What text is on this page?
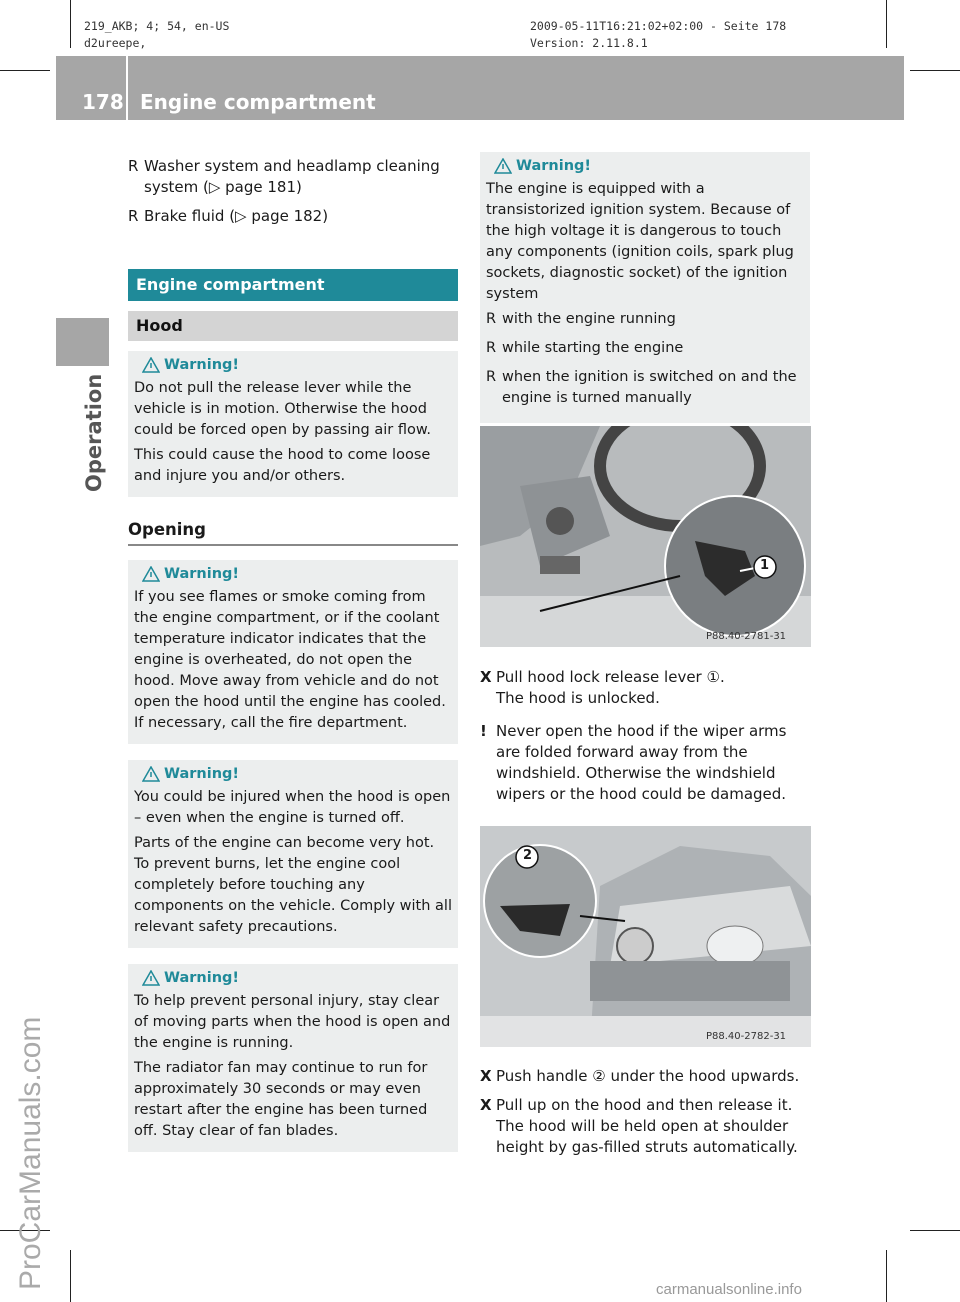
219_AKB; 4; 54, en-US
d2ureepe,
2009-05-11T16:21:02+02:00 - Seite 178
Version: 2.11.8.1
178 Engine compartment
Operation
ProCarManuals.com	carmanualsonline.info
R Washer system and headlamp cleaning system (▷ page 181)
R Brake fluid (▷ page 182)
Engine compartment
Hood
Warning!

Do not pull the release lever while the vehicle is in motion. Otherwise the hood could be forced open by passing air flow.

This could cause the hood to come loose and injure you and/or others.

Opening
Warning!

If you see flames or smoke coming from the engine compartment, or if the coolant temperature indicator indicates that the engine is overheated, do not open the hood. Move away from vehicle and do not open the hood until the engine has cooled. If necessary, call the fire department.

Warning!

You could be injured when the hood is open – even when the engine is turned off.

Parts of the engine can become very hot. To prevent burns, let the engine cool completely before touching any components on the vehicle. Comply with all relevant safety precautions.

Warning!

To help prevent personal injury, stay clear of moving parts when the hood is open and the engine is running.

The radiator fan may continue to run for approximately 30 seconds or may even restart after the engine has been turned off. Stay clear of fan blades.

Warning!

The engine is equipped with a transistorized ignition system. Because of the high voltage it is dangerous to touch any components (ignition coils, spark plug sockets, diagnostic socket) of the ignition system

R with the engine running
R while starting the engine
R when the ignition is switched on and the engine is turned manually
1
P88.40-2781-31
X Pull hood lock release lever ①.
The hood is unlocked.
! Never open the hood if the wiper arms are folded forward away from the windshield. Otherwise the windshield wipers or the hood could be damaged.
2
P88.40-2782-31
X Push handle ② under the hood upwards.
X Pull up on the hood and then release it.
The hood will be held open at shoulder height by gas-filled struts automatically.
